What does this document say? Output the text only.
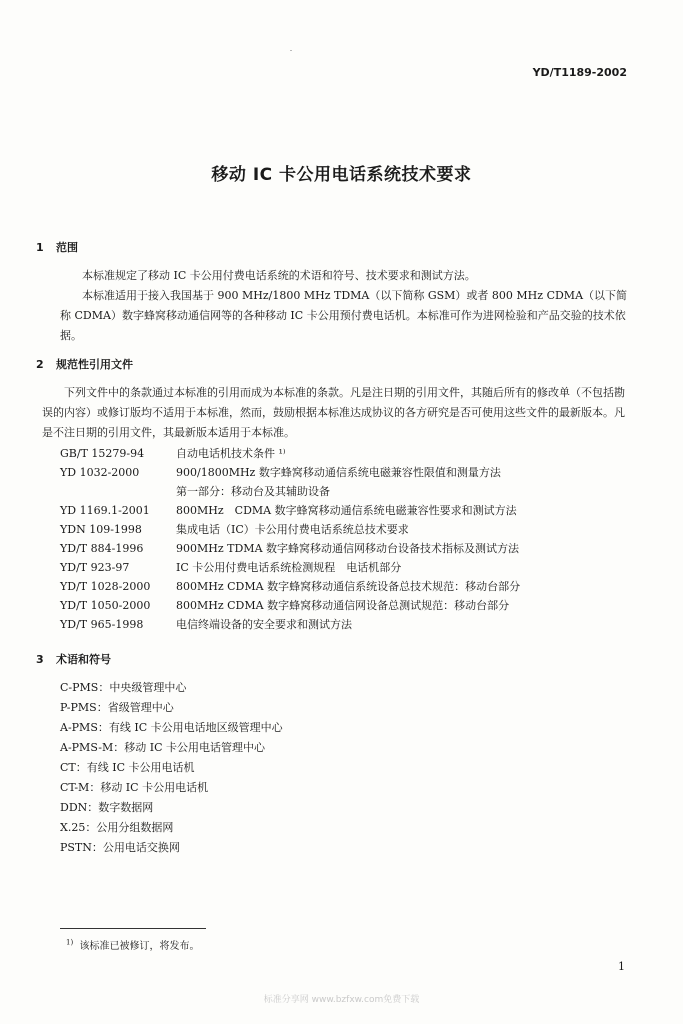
YD/T1189-2002
移动 IC 卡公用电话系统技术要求
1 范围
本标准规定了移动 IC 卡公用付费电话系统的术语和符号、技术要求和测试方法。
本标准适用于接入我国基于 900 MHz/1800 MHz TDMA（以下简称 GSM）或者 800 MHz CDMA（以下简称 CDMA）数字蜂窝移动通信网等的各种移动 IC 卡公用预付费电话机。本标准可作为进网检验和产品交验的技术依据。
2 规范性引用文件
下列文件中的条款通过本标准的引用而成为本标准的条款。凡是注日期的引用文件，其随后所有的修改单（不包括勘误的内容）或修订版均不适用于本标准，然而，鼓励根据本标准达成协议的各方研究是否可使用这些文件的最新版本。凡是不注日期的引用文件，其最新版本适用于本标准。
GB/T 15279-94	自动电话机技术条件 ¹⁾
YD 1032-2000	900/1800MHz 数字蜂窝移动通信系统电磁兼容性限值和测量方法
第一部分：移动台及其辅助设备
YD 1169.1-2001	800MHz　CDMA 数字蜂窝移动通信系统电磁兼容性要求和测试方法
YDN 109-1998	集成电话（IC）卡公用付费电话系统总技术要求
YD/T 884-1996	900MHz TDMA 数字蜂窝移动通信网移动台设备技术指标及测试方法
YD/T 923-97	IC 卡公用付费电话系统检测规程　电话机部分
YD/T 1028-2000	800MHz CDMA 数字蜂窝移动通信系统设备总技术规范：移动台部分
YD/T 1050-2000	800MHz CDMA 数字蜂窝移动通信网设备总测试规范：移动台部分
YD/T 965-1998	电信终端设备的安全要求和测试方法
3 术语和符号
C-PMS：中央级管理中心
P-PMS：省级管理中心
A-PMS：有线 IC 卡公用电话地区级管理中心
A-PMS-M：移动 IC 卡公用电话管理中心
CT：有线 IC 卡公用电话机
CT-M：移动 IC 卡公用电话机
DDN：数字数据网
X.25：公用分组数据网
PSTN：公用电话交换网
$^{1)}$ 该标准已被修订，将发布。
1
标准分享网 www.bzfxw.com免费下载
